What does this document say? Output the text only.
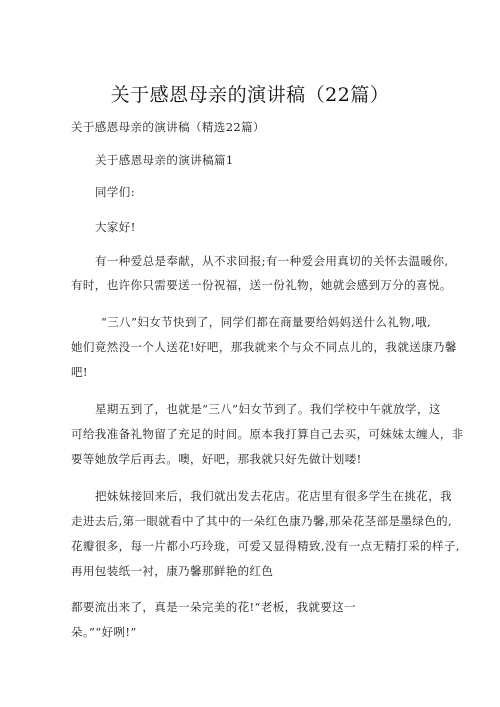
关于感恩母亲的演讲稿（22篇）
关于感恩母亲的演讲稿（精选22篇）
关于感恩母亲的演讲稿篇1
同学们:
大家好!
有一种爱总是奉献，从不求回报;有一种爱会用真切的关怀去温暖你,
有时，也许你只需要送一份祝福，送一份礼物，她就会感到万分的喜悦。
“三八”妇女节快到了，同学们都在商量要给妈妈送什么礼物,哦,
她们竟然没一个人送花!好吧，那我就来个与众不同点儿的，我就送康乃馨
吧!
星期五到了，也就是“三八”妇女节到了。我们学校中午就放学，这
可给我准备礼物留了充足的时间。原本我打算自己去买，可妹妹太缠人，非
要等她放学后再去。噢，好吧，那我就只好先做计划喽!
把妹妹接回来后，我们就出发去花店。花店里有很多学生在挑花，我
走进去后,第一眼就看中了其中的一朵红色康乃馨,那朵花茎部是墨绿色的,
花瓣很多，每一片都小巧玲珑，可爱又显得精致,没有一点无精打采的样子,
再用包装纸一衬，康乃馨那鲜艳的红色
都要流出来了，真是一朵完美的花!“老板，我就要这一
朵。”“好咧!”
